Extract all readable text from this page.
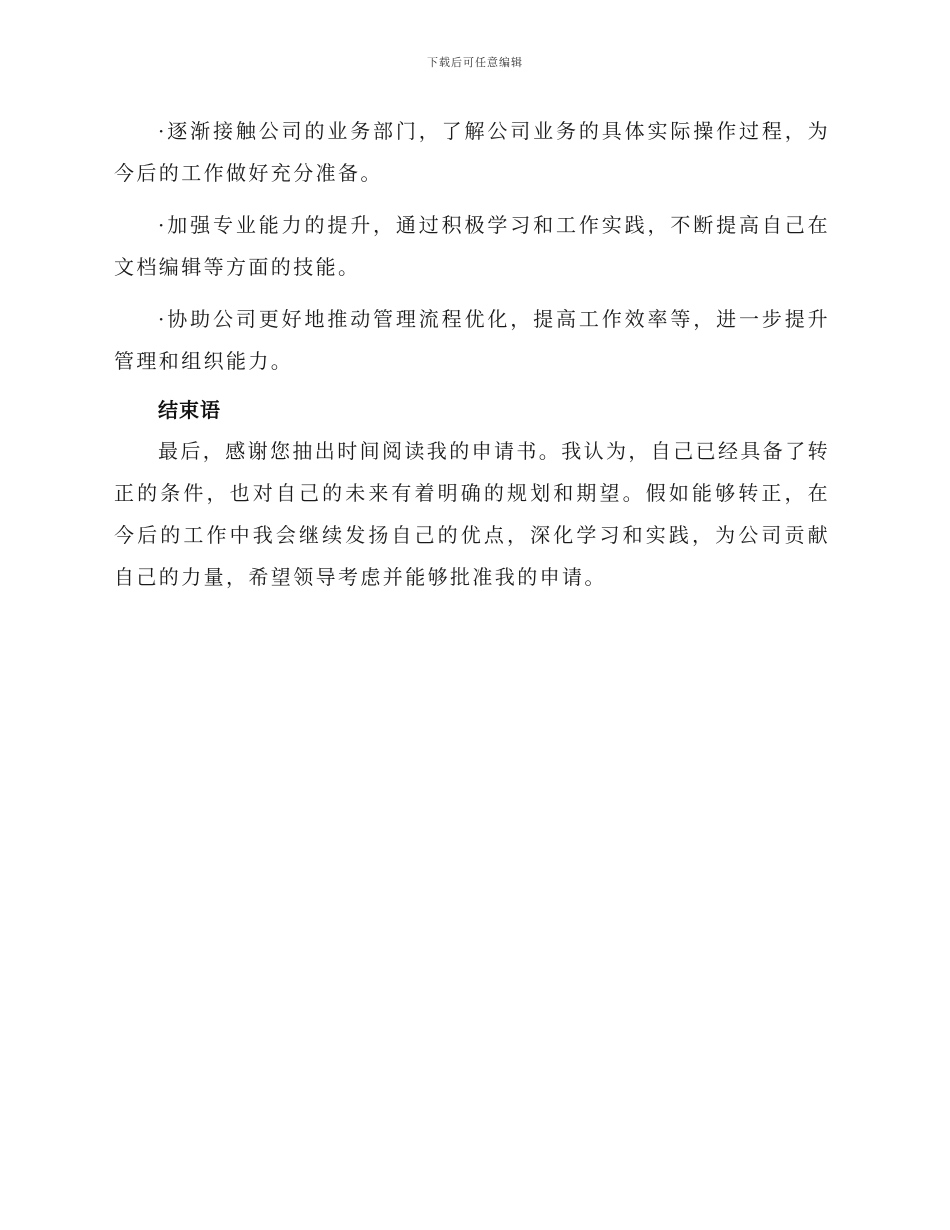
下载后可任意编辑

·逐渐接触公司的业务部门，了解公司业务的具体实际操作过程，为今后的工作做好充分准备。

·加强专业能力的提升，通过积极学习和工作实践，不断提高自己在文档编辑等方面的技能。

·协助公司更好地推动管理流程优化，提高工作效率等，进一步提升管理和组织能力。

结束语

最后，感谢您抽出时间阅读我的申请书。我认为，自己已经具备了转正的条件，也对自己的未来有着明确的规划和期望。假如能够转正，在今后的工作中我会继续发扬自己的优点，深化学习和实践，为公司贡献自己的力量，希望领导考虑并能够批准我的申请。
